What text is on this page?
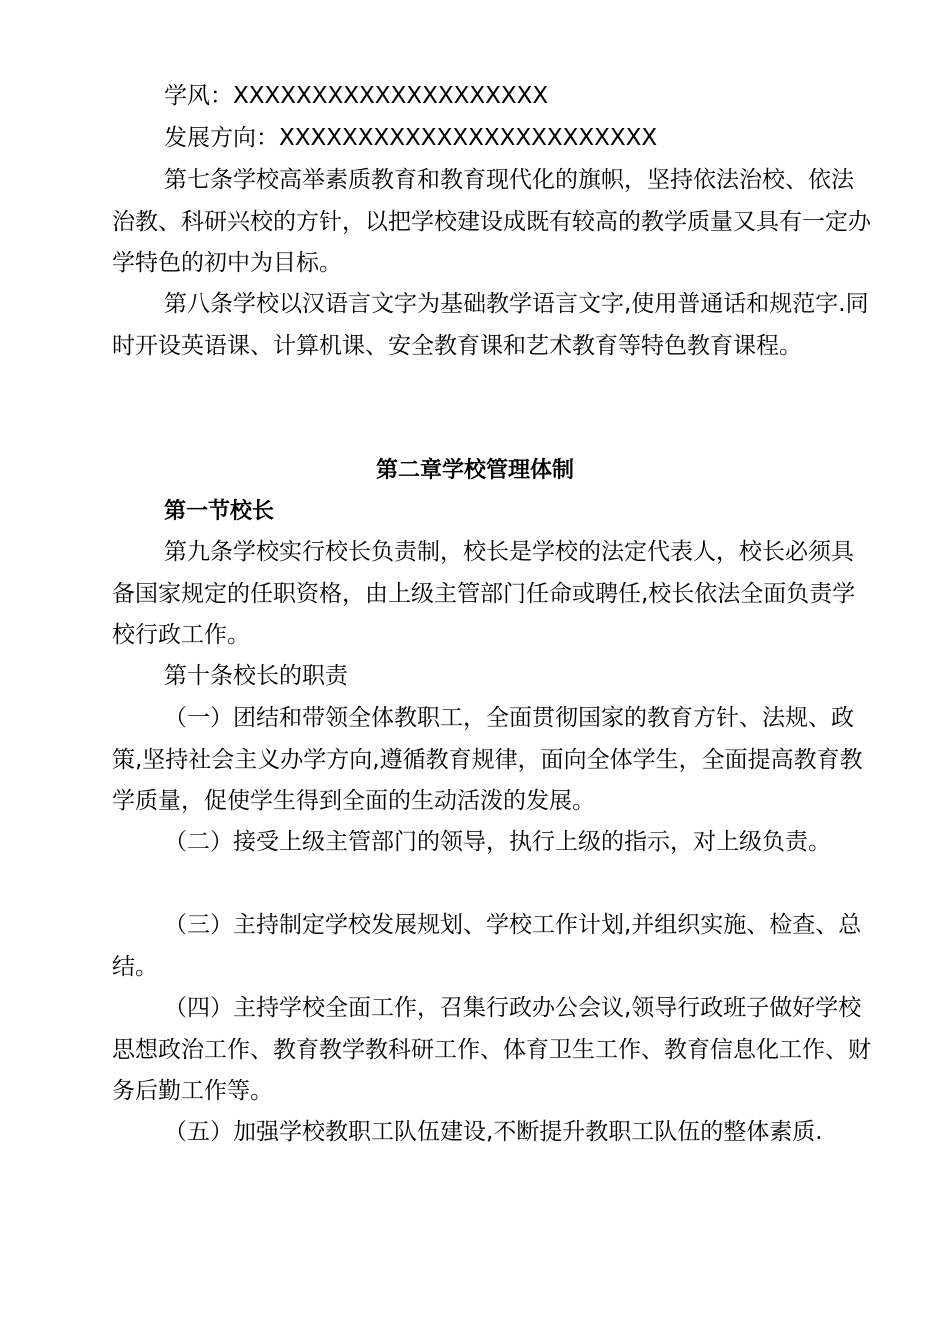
学风：XXXXXXXXXXXXXXXXXXXX

发展方向：XXXXXXXXXXXXXXXXXXXXXXXX

第七条学校高举素质教育和教育现代化的旗帜，坚持依法治校、依法治教、科研兴校的方针，以把学校建设成既有较高的教学质量又具有一定办学特色的初中为目标。

第八条学校以汉语言文字为基础教学语言文字,使用普通话和规范字.同时开设英语课、计算机课、安全教育课和艺术教育等特色教育课程。

第二章学校管理体制

第一节校长

第九条学校实行校长负责制，校长是学校的法定代表人，校长必须具备国家规定的任职资格，由上级主管部门任命或聘任,校长依法全面负责学校行政工作。

第十条校长的职责

（一）团结和带领全体教职工，全面贯彻国家的教育方针、法规、政策,坚持社会主义办学方向,遵循教育规律，面向全体学生，全面提高教育教学质量，促使学生得到全面的生动活泼的发展。

（二）接受上级主管部门的领导，执行上级的指示，对上级负责。

（三）主持制定学校发展规划、学校工作计划,并组织实施、检查、总结。

（四）主持学校全面工作，召集行政办公会议,领导行政班子做好学校思想政治工作、教育教学教科研工作、体育卫生工作、教育信息化工作、财务后勤工作等。

（五）加强学校教职工队伍建设,不断提升教职工队伍的整体素质.
